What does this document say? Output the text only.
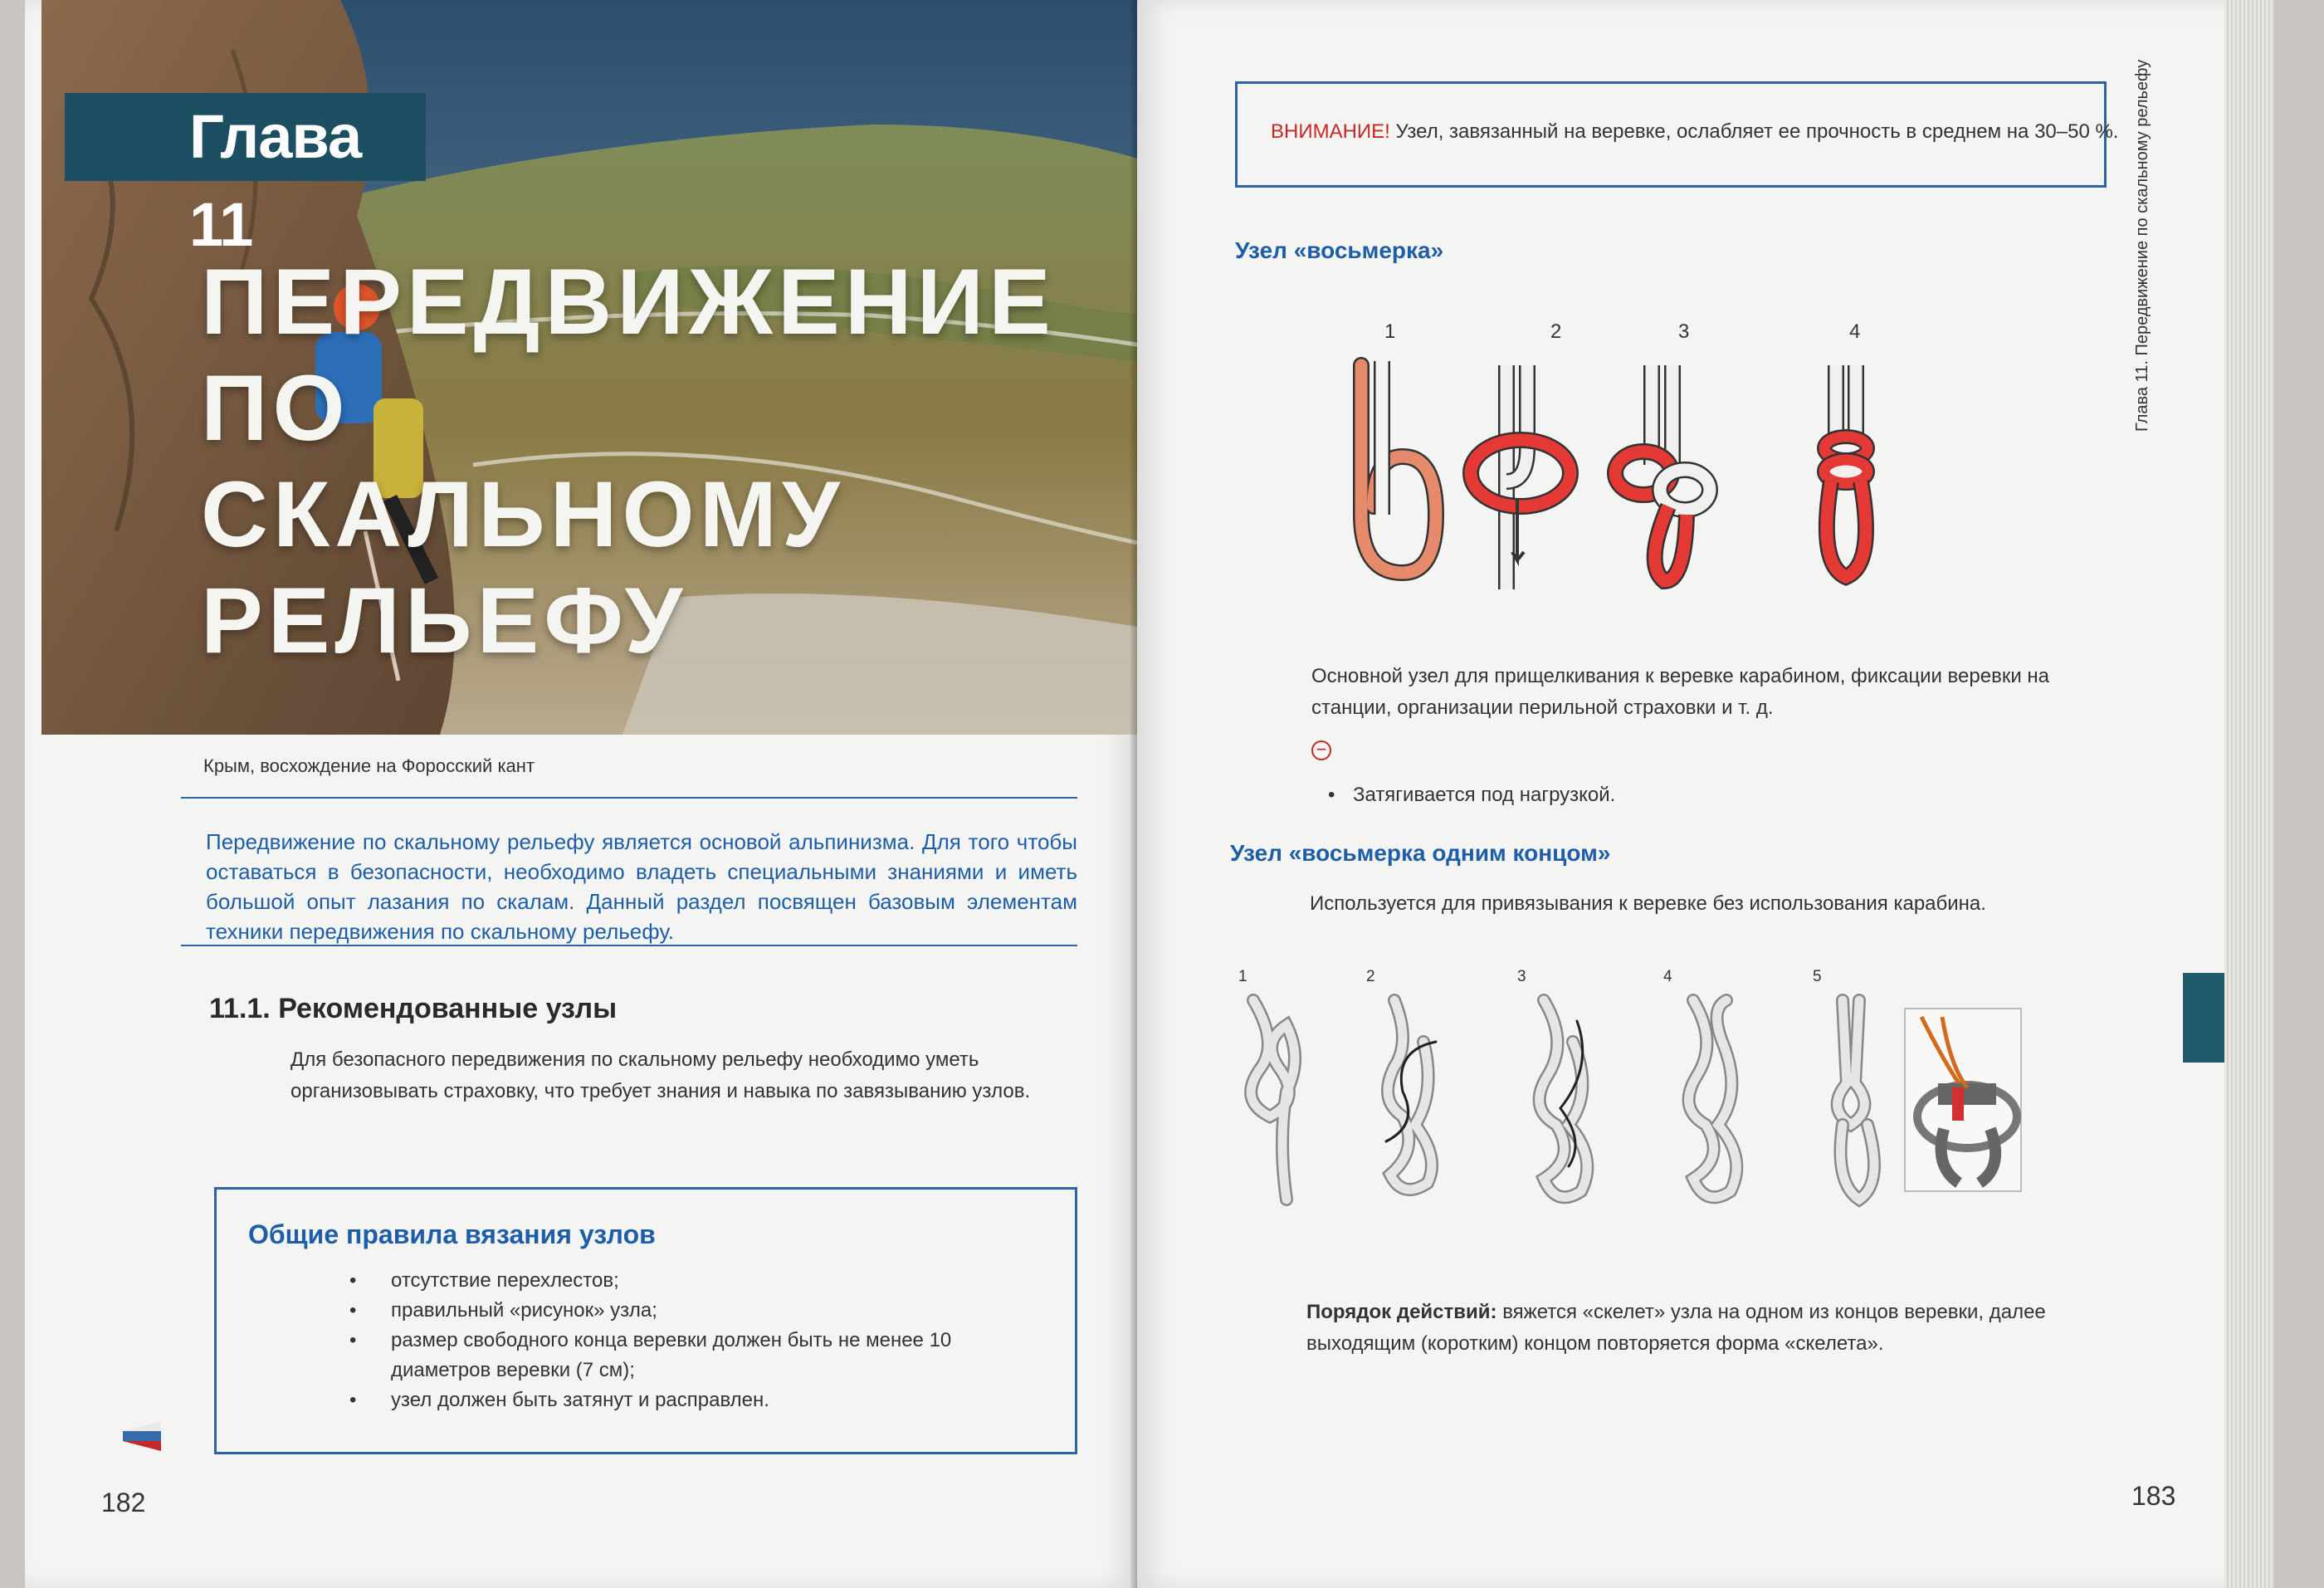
Глава 11
ПЕРЕДВИЖЕНИЕ
ПО СКАЛЬНОМУ
РЕЛЬЕФУ
Крым, восхождение на Форосский кант
Передвижение по скальному рельефу является основой альпинизма. Для того чтобы оставаться в безопасности, необходимо владеть специальными знаниями и иметь большой опыт лазания по скалам. Данный раздел посвящен базовым элементам техники передвижения по скальному рельефу.
11.1. Рекомендованные узлы
Для безопасного передвижения по скальному рельефу необходимо уметь организовывать страховку, что требует знания и навыка по завязыванию узлов.
Общие правила вязания узлов
• отсутствие перехлестов;
• правильный «рисунок» узла;
• размер свободного конца веревки должен быть не менее 10 диаметров веревки (7 см);
• узел должен быть затянут и расправлен.
182
ВНИМАНИЕ! Узел, завязанный на веревке, ослабляет ее прочность в среднем на 30–50 %.
Узел «восьмерка»
1	2	3	4
Основной узел для прищелкивания к веревке карабином, фиксации веревки на станции, организации перильной страховки и т. д.
−
• Затягивается под нагрузкой.
Узел «восьмерка одним концом»
Используется для привязывания к веревке без использования карабина.
1	2	3	4	5
Порядок действий: вяжется «скелет» узла на одном из концов веревки, далее выходящим (коротким) концом повторяется форма «скелета».
Глава 11. Передвижение по скальному рельефу
183
